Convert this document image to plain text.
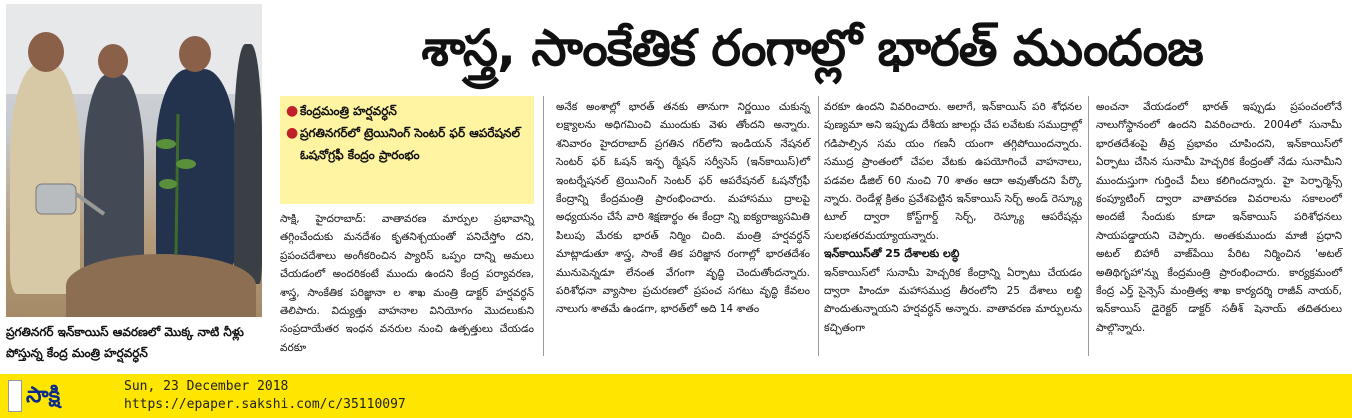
ప్రగతినగర్ ఇన్‌కాయిస్ ఆవరణలో మొక్క నాటి నీళ్లు పోస్తున్న కేంద్ర మంత్రి హర్షవర్ధన్
శాస్త్ర, సాంకేతిక రంగాల్లో భారత్ ముందంజ
● కేంద్రమంత్రి హర్షవర్ధన్
● ప్రగతినగర్‌లో ట్రెయినింగ్ సెంటర్ ఫర్ ఆపరేషనల్ ఓషనోగ్రఫీ కేంద్రం ప్రారంభం

సాక్షి, హైదరాబాద్: వాతావరణ మార్పుల ప్రభావాన్ని తగ్గించేందుకు మనదేశం కృతనిశ్చయంతో పనిచేస్తోం దని, ప్రపంచదేశాలు అంగీకరించిన ప్యారిస్ ఒప్పం దాన్ని అమలు చేయడంలో అందరికంటే ముందు ఉందని కేంద్ర పర్యావరణ, శాస్త్ర, సాంకేతిక పరిజ్ఞానా ల శాఖ మంత్రి డాక్టర్ హర్షవర్ధన్ తెలిపారు. విద్యుత్తు వాహనాల వినియోగం మొదలుకుని సంప్రదాయేతర ఇంధన వనరుల నుంచి ఉత్పత్తులు చేయడం వరకూ

అనేక అంశాల్లో భారత్ తనకు తానుగా నిర్ణయిం చుకున్న లక్ష్యాలను అధిగమించి ముందుకు వెళు తోందని అన్నారు. శనివారం హైదరాబాద్ ప్రగతిన గర్‌లోని ఇండియన్ నేషనల్ సెంటర్ ఫర్ ఓషన్ ఇన్ఫ ర్మేషన్ సర్వీసెస్ (ఇన్‌కాయిస్)లో ఇంటర్నేషనల్ ట్రెయినింగ్ సెంటర్ ఫర్ ఆపరేషనల్ ఓషనోగ్రఫీ కేంద్రాన్ని కేంద్రమంత్రి ప్రారంభించారు. మహాసము ద్రాలపై అధ్యయనం చేసే వారి శిక్షణార్థం ఈ కేంద్రా న్ని ఐక్యరాజ్యసమితి పిలుపు మేరకు భారత్ నిర్మిం చింది. మంత్రి హర్షవర్ధన్ మాట్లాడుతూ శాస్త్ర, సాంకే తిక పరిజ్ఞాన రంగాల్లో భారతదేశం మునుపెన్నడూ లేనంత వేగంగా వృద్ధి చెందుతోందన్నారు. పరిశోధనా వ్యాసాల ప్రచురణలో ప్రపంచ సగటు వృద్ధి కేవలం నాలుగు శాతమే ఉండగా, భారత్‌లో అది 14 శాతం

వరకూ ఉందని వివరించారు. అలాగే, ఇన్‌కాయిస్ పరి శోధనల పుణ్యమా అని ఇప్పుడు దేశీయ జాలర్లు చేప లవేటకు సముద్రాల్లో గడిపాల్సిన సమ యం గణనీ యంగా తగ్గిపోయిందన్నారు. సముద్ర ప్రాంతంలో చేపల వేటకు ఉపయోగించే వాహనాలు, పడవల డీజిల్ 60 నుంచి 70 శాతం ఆదా అవుతోందని పేర్కొ న్నారు. రెండేళ్ల క్రితం ప్రవేశపెట్టిన ఇన్‌కాయిస్ సెర్చ్ అండ్ రెస్క్యూ టూల్ ద్వారా కోస్ట్‌గార్డ్ సెర్చ్, రెస్క్యూ ఆపరేషన్లు సులభతరమయ్యాయన్నారు.

ఇన్‌కాయిస్‌తో 25 దేశాలకు లబ్ధి

ఇన్‌కాయిస్‌లో సునామీ హెచ్చరిక కేంద్రాన్ని ఏర్పాటు చేయడం ద్వారా హిందూ మహాసముద్ర తీరంలోని 25 దేశాలు లబ్ధి పొందుతున్నాయని హర్షవర్ధన్ అన్నారు. వాతావరణ మార్పులను కచ్చితంగా

అంచనా వేయడంలో భారత్ ఇప్పుడు ప్రపంచంలోనే నాలుగోస్థానంలో ఉందని వివరించారు. 2004లో సునామీ భారతదేశంపై తీవ్ర ప్రభావం చూపిందని, ఇన్‌కాయిస్‌లో ఏర్పాటు చేసిన సునామీ హెచ్చరిక కేంద్రంతో నేడు సునామీని ముందుస్తుగా గుర్తించే వీలు కలిగిందన్నారు. హై పెర్ఫార్మెన్స్ కంప్యూటింగ్ ద్వారా వాతావరణ వివరాలను సకాలంలో అందజే సేందుకు కూడా ఇన్‌కాయిస్ పరిశోధనలు సాయపడ్డాయని చెప్పారు. అంతకుముందు మాజీ ప్రధాని అటల్ బిహారీ వాజ్‌పేయి పేరిట నిర్మించిన 'అటల్ అతిథిగృహా'న్ను కేంద్రమంత్రి ప్రారంభించారు. కార్యక్రమంలో కేంద్ర ఎర్త్ సైన్సెస్ మంత్రిత్వ శాఖ కార్యదర్శి రాజీవ్ నాయర్, ఇన్‌కాయిస్ డైరెక్టర్ డాక్టర్ సతీశ్ షెనాయ్ తదితరులు పాల్గొన్నారు.

సాక్షి	Sun, 23 December 2018
https://epaper.sakshi.com/c/35110097
